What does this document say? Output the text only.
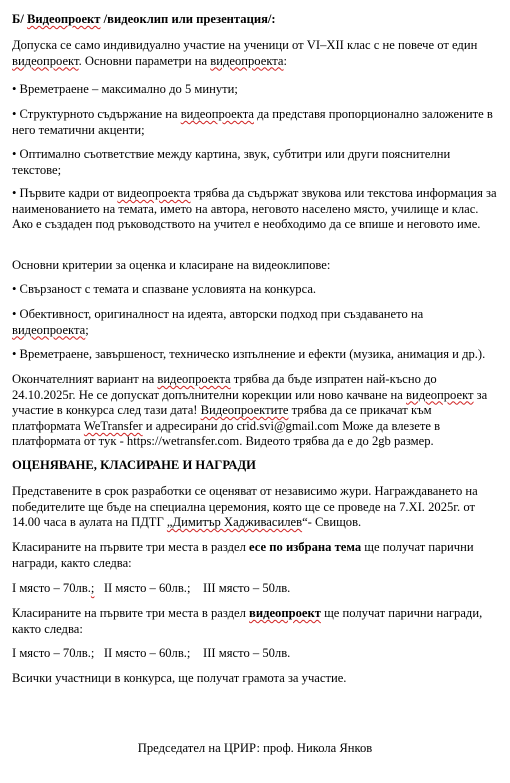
Б/ Видеопроект /видеоклип или презентация/:

Допуска се само индивидуално участие на ученици от VI–XII клас с не повече от един видеопроект. Основни параметри на видеопроекта:

• Времетраене – максимално до 5 минути;

• Структурното съдържание на видеопроекта да представя пропорционално заложените в него тематични акценти;

• Оптимално съответствие между картина, звук, субтитри или други пояснителни текстове;

• Първите кадри от видеопроекта трябва да съдържат звукова или текстова информация за наименованието на темата, името на автора, неговото населено място, училище и клас. Ако е създаден под ръководството на учител е необходимо да се впише и неговото име.

Основни критерии за оценка и класиране на видеоклипове:

• Свързаност с темата и спазване условията на конкурса.

• Обективност, оригиналност на идеята, авторски подход при създаването на видеопроекта;

• Времетраене, завършеност, техническо изпълнение и ефекти (музика, анимация и др.).

Окончателният вариант на видеопроекта трябва да бъде изпратен най-късно до 24.10.2025г. Не се допускат допълнителни корекции или ново качване на видеопроект за участие в конкурса след тази дата! Видеопроектите трябва да се прикачат към платформата WeTransfer и адресирани до crid.svi@gmail.com Може да влезете в платформата от тук - https://wetransfer.com. Видеото трябва да е до 2gb размер.

ОЦЕНЯВАНЕ, КЛАСИРАНЕ И НАГРАДИ

Представените в срок разработки се оценяват от независимо жури. Награждаването на победителите ще бъде на специална церемония, която ще се проведе на 7.XI. 2025г. от 14.00 часа в аулата на ПДТГ „Димитър Хадживасилев“- Свищов.

Класираните на първите три места в раздел есе по избрана тема ще получат парични награди, както следва:

I място – 70лв.;   II място – 60лв.;    III място – 50лв.

Класираните на първите три места в раздел видеопроект ще получат парични награди, както следва:

I място – 70лв.;   II място – 60лв.;    III място – 50лв.

Всички участници в конкурса, ще получат грамота за участие.

Председател на ЦРИР: проф. Никола Янков
